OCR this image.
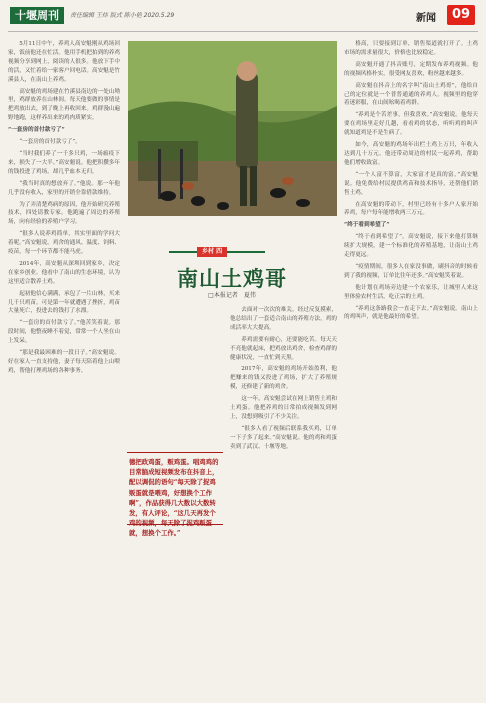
十堰周刊	责任编辑 王炜 版式 陈小艳 2020.5.29	新闻	09

5月11日中午，养鸡人高安魁刚从鸡场回家，饭前他还在忙活。他用手机把拍到的养鸡视频分享到网上，阅读的人很多。他放下手中的活，又忙着给一家客户回电话。高安魁是竹溪县人，在南山上养鸡。

高安魁的鸡场建在竹溪县南边的一处山坳里，鸡群放养在山林间。每天他要做的事情是把鸡放出去，到了晚上再收回来。鸡群漫山遍野地跑，这样养出来的鸡肉质紧实。

“一套房的首付款亏了”

“一套房的首付款亏了”。

“当时我们养了一千多只鸡，一场瘟疫下来，损失了一大半。”高安魁说。他把积攒多年的钱投进了鸡场，却几乎血本无归。

“我当时真的想放弃了。”他说。那一年他几乎没有收入，家里的开销全靠借款维持。

为了弄清楚鸡病的原因，他开始研究养殖技术，四处请教专家。他跑遍了周边的养殖场，向有经验的养殖户学习。

“很多人说养鸡简单，其实里面的学问大着呢。”高安魁说。鸡舍的通风、温度、饲料、疫苗，每一个环节都不能马虎。

2014年，高安魁从深圳回到家乡，决定在家乡创业。他看中了南山的生态环境，认为这里适合散养土鸡。

起初他信心满满，承包了一片山林，买来几千只鸡苗。可是第一年就遭遇了挫折，鸡苗大量死亡，投进去的钱打了水漂。

“一套房的首付款亏了。”他苦笑着说。那段时间，他整夜睡不着觉，常常一个人坐在山上发呆。

“那是我最困难的一段日子。”高安魁说。好在家人一直支持他，妻子每天陪着他上山喂鸡，帮他打理鸡场的各种事务。

乡村 四
南山土鸡哥
□本报记者　夏伟

去面对一次次的难关。经过反复摸索，他总结出了一套适合南山的养殖方法，鸡的成活率大大提高。

养鸡需要有耐心，还要能吃苦。每天天不亮他就起床，把鸡放出鸡舍，检查鸡群的健康状况，一直忙到天黑。

2017年，高安魁的鸡场开始盈利，他把赚来的钱又投进了鸡场，扩大了养殖规模，还修建了新的鸡舍。

这一年，高安魁尝试在网上销售土鸡和土鸡蛋。他把养鸡的日常拍成视频发到网上，没想到吸引了不少关注。

“很多人看了视频后联系我买鸡，订单一下子多了起来。”高安魁说。他的鸡和鸡蛋卖到了武汉、十堰等地。

德把政鸡蛋，贩鸡蛋。唱鸡鸡的目常脑成短视频发布在抖音上，配以调侃的语句“每天除了捉鸡贩蛋就是喂鸡，好想换个工作啊”，作品获得几大数以大数转发，有人评论，“这几天再发个鸡的视频，每天除了捉鸡贩蛋就，想换个工作。”

格高，只要接到订单，销售渠道就打开了。土鸡市场的需求量很大，价格也比较稳定。

高安魁开通了抖音账号，定期发布养鸡视频。他的视频风格朴实，很受网友喜欢，粉丝越来越多。

高安魁在抖音上的名字叫“南山土鸡哥”，他给自己的定位就是一个普普通通的养鸡人。视频里的他穿着迷彩服，在山间吆喝着鸡群。

“养鸡是个苦差事，但我喜欢。”高安魁说。他每天要在鸡场里走好几趟，看看鸡的状态，听听鸡的叫声就知道鸡是不是生病了。

如今，高安魁的鸡场年出栏土鸡上万只，年收入达到几十万元。他还带动周边的村民一起养鸡，帮助他们增收致富。

“一个人富不算富，大家富才是真的富。”高安魁说。他免费给村民提供鸡苗和技术指导，还帮他们销售土鸡。

在高安魁的带动下，村里已经有十多户人家开始养鸡，每户每年能增收两三万元。

“终于看到希望了”

“终于看到希望了”。高安魁说，接下来他打算继续扩大规模，建一个标准化的养殖基地，让南山土鸡走得更远。

“疫情期间，很多人在家没事做，刷抖音的时候看到了我的视频，订单比往年还多。”高安魁笑着说。

他计划在鸡场旁边建一个农家乐，让城里人来这里体验农村生活，吃正宗的土鸡。

“养鸡这条路我会一直走下去。”高安魁说。南山上的鸡叫声，就是他最好的希望。
